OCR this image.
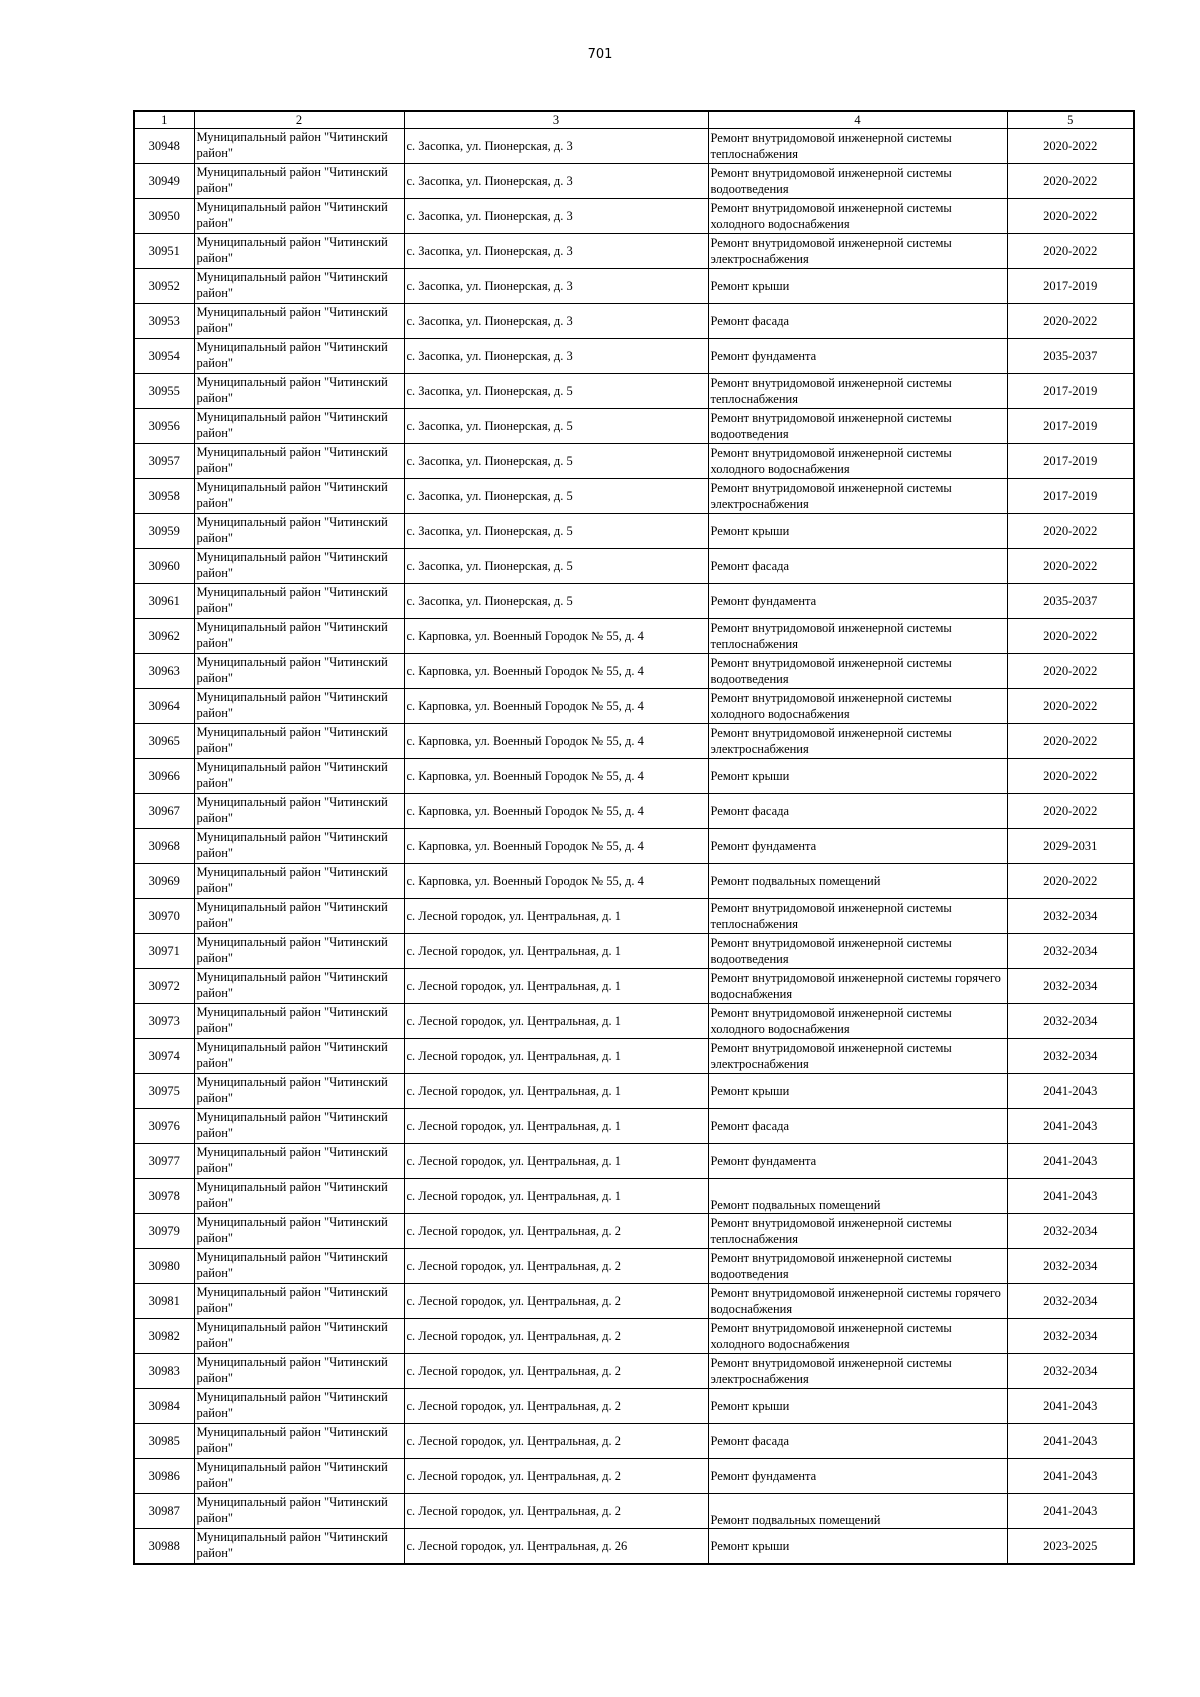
701
1	2	3	4	5
30948	Муниципальный район "Читинский район"	с. Засопка, ул. Пионерская, д. 3	Ремонт внутридомовой инженерной системы теплоснабжения	2020-2022
30949	Муниципальный район "Читинский район"	с. Засопка, ул. Пионерская, д. 3	Ремонт внутридомовой инженерной системы водоотведения	2020-2022
30950	Муниципальный район "Читинский район"	с. Засопка, ул. Пионерская, д. 3	Ремонт внутридомовой инженерной системы холодного водоснабжения	2020-2022
30951	Муниципальный район "Читинский район"	с. Засопка, ул. Пионерская, д. 3	Ремонт внутридомовой инженерной системы электроснабжения	2020-2022
30952	Муниципальный район "Читинский район"	с. Засопка, ул. Пионерская, д. 3	Ремонт крыши	2017-2019
30953	Муниципальный район "Читинский район"	с. Засопка, ул. Пионерская, д. 3	Ремонт фасада	2020-2022
30954	Муниципальный район "Читинский район"	с. Засопка, ул. Пионерская, д. 3	Ремонт фундамента	2035-2037
30955	Муниципальный район "Читинский район"	с. Засопка, ул. Пионерская, д. 5	Ремонт внутридомовой инженерной системы теплоснабжения	2017-2019
30956	Муниципальный район "Читинский район"	с. Засопка, ул. Пионерская, д. 5	Ремонт внутридомовой инженерной системы водоотведения	2017-2019
30957	Муниципальный район "Читинский район"	с. Засопка, ул. Пионерская, д. 5	Ремонт внутридомовой инженерной системы холодного водоснабжения	2017-2019
30958	Муниципальный район "Читинский район"	с. Засопка, ул. Пионерская, д. 5	Ремонт внутридомовой инженерной системы электроснабжения	2017-2019
30959	Муниципальный район "Читинский район"	с. Засопка, ул. Пионерская, д. 5	Ремонт крыши	2020-2022
30960	Муниципальный район "Читинский район"	с. Засопка, ул. Пионерская, д. 5	Ремонт фасада	2020-2022
30961	Муниципальный район "Читинский район"	с. Засопка, ул. Пионерская, д. 5	Ремонт фундамента	2035-2037
30962	Муниципальный район "Читинский район"	с. Карповка, ул. Военный Городок № 55, д. 4	Ремонт внутридомовой инженерной системы теплоснабжения	2020-2022
30963	Муниципальный район "Читинский район"	с. Карповка, ул. Военный Городок № 55, д. 4	Ремонт внутридомовой инженерной системы водоотведения	2020-2022
30964	Муниципальный район "Читинский район"	с. Карповка, ул. Военный Городок № 55, д. 4	Ремонт внутридомовой инженерной системы холодного водоснабжения	2020-2022
30965	Муниципальный район "Читинский район"	с. Карповка, ул. Военный Городок № 55, д. 4	Ремонт внутридомовой инженерной системы электроснабжения	2020-2022
30966	Муниципальный район "Читинский район"	с. Карповка, ул. Военный Городок № 55, д. 4	Ремонт крыши	2020-2022
30967	Муниципальный район "Читинский район"	с. Карповка, ул. Военный Городок № 55, д. 4	Ремонт фасада	2020-2022
30968	Муниципальный район "Читинский район"	с. Карповка, ул. Военный Городок № 55, д. 4	Ремонт фундамента	2029-2031
30969	Муниципальный район "Читинский район"	с. Карповка, ул. Военный Городок № 55, д. 4	Ремонт подвальных помещений	2020-2022
30970	Муниципальный район "Читинский район"	с. Лесной городок, ул. Центральная, д. 1	Ремонт внутридомовой инженерной системы теплоснабжения	2032-2034
30971	Муниципальный район "Читинский район"	с. Лесной городок, ул. Центральная, д. 1	Ремонт внутридомовой инженерной системы водоотведения	2032-2034
30972	Муниципальный район "Читинский район"	с. Лесной городок, ул. Центральная, д. 1	Ремонт внутридомовой инженерной системы горячего водоснабжения	2032-2034
30973	Муниципальный район "Читинский район"	с. Лесной городок, ул. Центральная, д. 1	Ремонт внутридомовой инженерной системы холодного водоснабжения	2032-2034
30974	Муниципальный район "Читинский район"	с. Лесной городок, ул. Центральная, д. 1	Ремонт внутридомовой инженерной системы электроснабжения	2032-2034
30975	Муниципальный район "Читинский район"	с. Лесной городок, ул. Центральная, д. 1	Ремонт крыши	2041-2043
30976	Муниципальный район "Читинский район"	с. Лесной городок, ул. Центральная, д. 1	Ремонт фасада	2041-2043
30977	Муниципальный район "Читинский район"	с. Лесной городок, ул. Центральная, д. 1	Ремонт фундамента	2041-2043
30978	Муниципальный район "Читинский район"	с. Лесной городок, ул. Центральная, д. 1	Ремонт подвальных помещений	2041-2043
30979	Муниципальный район "Читинский район"	с. Лесной городок, ул. Центральная, д. 2	Ремонт внутридомовой инженерной системы теплоснабжения	2032-2034
30980	Муниципальный район "Читинский район"	с. Лесной городок, ул. Центральная, д. 2	Ремонт внутридомовой инженерной системы водоотведения	2032-2034
30981	Муниципальный район "Читинский район"	с. Лесной городок, ул. Центральная, д. 2	Ремонт внутридомовой инженерной системы горячего водоснабжения	2032-2034
30982	Муниципальный район "Читинский район"	с. Лесной городок, ул. Центральная, д. 2	Ремонт внутридомовой инженерной системы холодного водоснабжения	2032-2034
30983	Муниципальный район "Читинский район"	с. Лесной городок, ул. Центральная, д. 2	Ремонт внутридомовой инженерной системы электроснабжения	2032-2034
30984	Муниципальный район "Читинский район"	с. Лесной городок, ул. Центральная, д. 2	Ремонт крыши	2041-2043
30985	Муниципальный район "Читинский район"	с. Лесной городок, ул. Центральная, д. 2	Ремонт фасада	2041-2043
30986	Муниципальный район "Читинский район"	с. Лесной городок, ул. Центральная, д. 2	Ремонт фундамента	2041-2043
30987	Муниципальный район "Читинский район"	с. Лесной городок, ул. Центральная, д. 2	Ремонт подвальных помещений	2041-2043
30988	Муниципальный район "Читинский район"	с. Лесной городок, ул. Центральная, д. 26	Ремонт крыши	2023-2025
